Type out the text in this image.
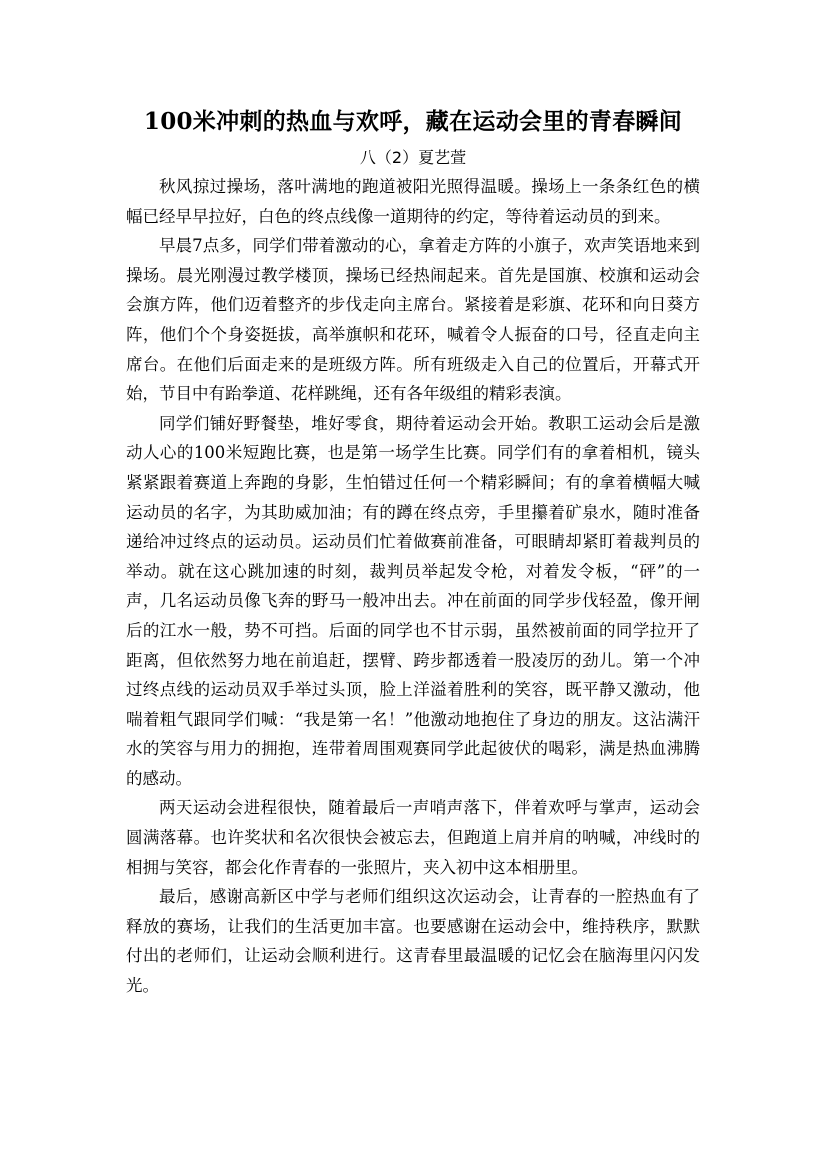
100米冲刺的热血与欢呼，藏在运动会里的青春瞬间

八（2）夏艺萱

秋风掠过操场，落叶满地的跑道被阳光照得温暖。操场上一条条红色的横幅已经早早拉好，白色的终点线像一道期待的约定，等待着运动员的到来。

早晨7点多，同学们带着激动的心，拿着走方阵的小旗子，欢声笑语地来到操场。晨光刚漫过教学楼顶，操场已经热闹起来。首先是国旗、校旗和运动会会旗方阵，他们迈着整齐的步伐走向主席台。紧接着是彩旗、花环和向日葵方阵，他们个个身姿挺拔，高举旗帜和花环，喊着令人振奋的口号，径直走向主席台。在他们后面走来的是班级方阵。所有班级走入自己的位置后，开幕式开始，节目中有跆拳道、花样跳绳，还有各年级组的精彩表演。

同学们铺好野餐垫，堆好零食，期待着运动会开始。教职工运动会后是激动人心的100米短跑比赛，也是第一场学生比赛。同学们有的拿着相机，镜头紧紧跟着赛道上奔跑的身影，生怕错过任何一个精彩瞬间；有的拿着横幅大喊运动员的名字，为其助威加油；有的蹲在终点旁，手里攥着矿泉水，随时准备递给冲过终点的运动员。运动员们忙着做赛前准备，可眼睛却紧盯着裁判员的举动。就在这心跳加速的时刻，裁判员举起发令枪，对着发令板，“砰”的一声，几名运动员像飞奔的野马一般冲出去。冲在前面的同学步伐轻盈，像开闸后的江水一般，势不可挡。后面的同学也不甘示弱，虽然被前面的同学拉开了距离，但依然努力地在前追赶，摆臂、跨步都透着一股凌厉的劲儿。第一个冲过终点线的运动员双手举过头顶，脸上洋溢着胜利的笑容，既平静又激动，他喘着粗气跟同学们喊：“我是第一名！”他激动地抱住了身边的朋友。这沾满汗水的笑容与用力的拥抱，连带着周围观赛同学此起彼伏的喝彩，满是热血沸腾的感动。

两天运动会进程很快，随着最后一声哨声落下，伴着欢呼与掌声，运动会圆满落幕。也许奖状和名次很快会被忘去，但跑道上肩并肩的呐喊，冲线时的相拥与笑容，都会化作青春的一张照片，夹入初中这本相册里。

最后，感谢高新区中学与老师们组织这次运动会，让青春的一腔热血有了释放的赛场，让我们的生活更加丰富。也要感谢在运动会中，维持秩序，默默付出的老师们，让运动会顺利进行。这青春里最温暖的记忆会在脑海里闪闪发光。
